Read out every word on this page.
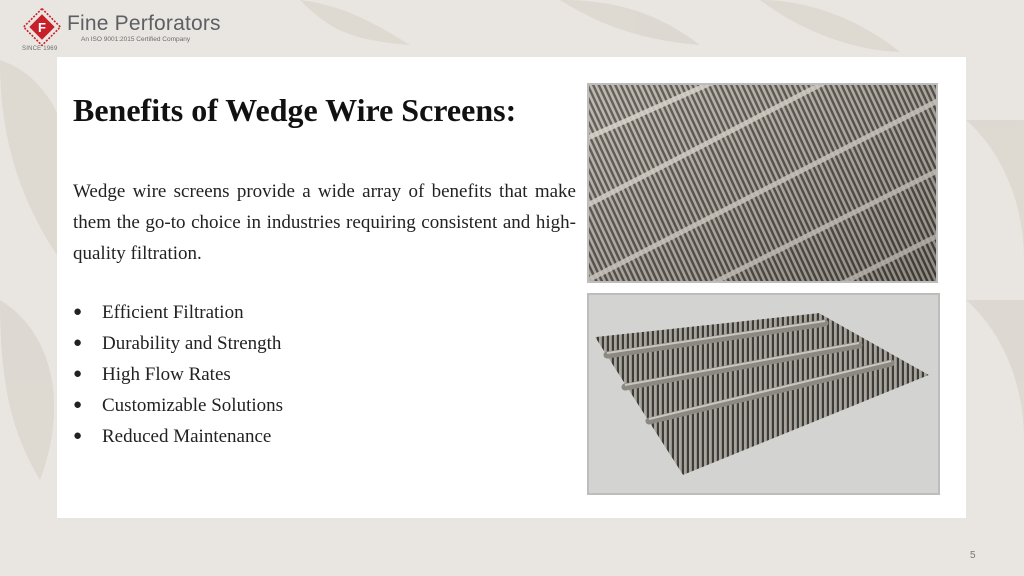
F
SINCE 1969
Fine Perforators
An ISO 9001:2015 Certified Company
Benefits of Wedge Wire Screens:

Wedge wire screens provide a wide array of benefits that make them the go-to choice in industries requiring consistent and high-quality filtration.

●	Efficient Filtration
●	Durability and Strength
●	High Flow Rates
●	Customizable Solutions
●	Reduced Maintenance
5
